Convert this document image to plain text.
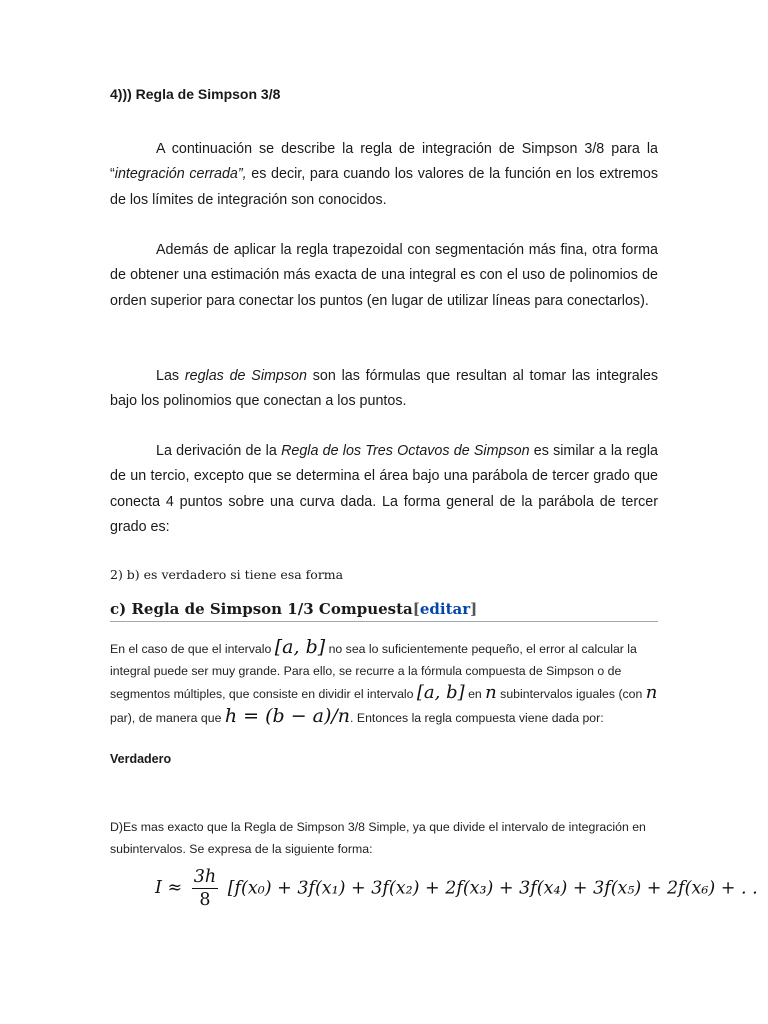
4))) Regla de Simpson 3/8

A continuación se describe la regla de integración de Simpson 3/8 para la “integración cerrada”, es decir, para cuando los valores de la función en los extremos de los límites de integración son conocidos.

Además de aplicar la regla trapezoidal con segmentación más fina, otra forma de obtener una estimación más exacta de una integral es con el uso de polinomios de orden superior para conectar los puntos (en lugar de utilizar líneas para conectarlos).

Las reglas de Simpson son las fórmulas que resultan al tomar las integrales bajo los polinomios que conectan a los puntos.

La derivación de la Regla de los Tres Octavos de Simpson es similar a la regla de un tercio, excepto que se determina el área bajo una parábola de tercer grado que conecta 4 puntos sobre una curva dada. La forma general de la parábola de tercer grado es:

2) b) es verdadero si tiene esa forma

c) Regla de Simpson 1/3 Compuesta[editar]

En el caso de que el intervalo [a, b] no sea lo suficientemente pequeño, el error al calcular la integral puede ser muy grande. Para ello, se recurre a la fórmula compuesta de Simpson o de segmentos múltiples, que consiste en dividir el intervalo [a, b] en n subintervalos iguales (con n par), de manera que h = (b − a)/n. Entonces la regla compuesta viene dada por:

Verdadero

D)Es mas exacto que la Regla de Simpson 3/8 Simple, ya que divide el intervalo de integración en subintervalos. Se expresa de la siguiente forma:

$I \approx \frac{3h}{8} [f(x_0) + 3f(x_1) + 3f(x_2) + 2f(x_3) + 3f(x_4) + 3f(x_5) + 2f(x_6)$ + . .
